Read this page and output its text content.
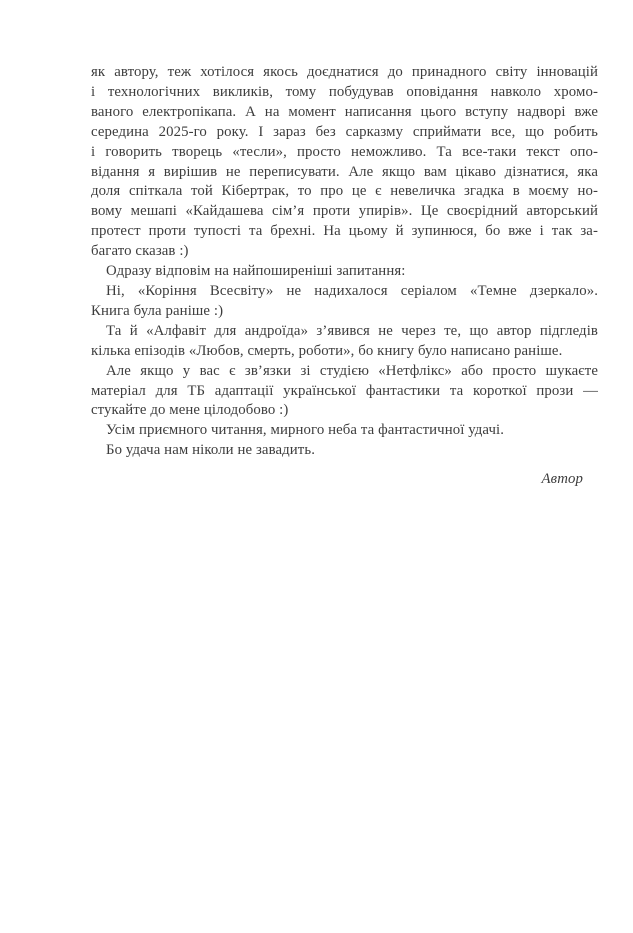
як автору, теж хотілося якось доєднатися до принадного світу інновацій
і технологічних викликів, тому побудував оповідання навколо хромо-
ваного електропікапа. А на момент написання цього вступу надворі вже
середина 2025-го року. І зараз без сарказму сприймати все, що робить
і говорить творець «тесли», просто неможливо. Та все-таки текст опо-
відання я вирішив не переписувати. Але якщо вам цікаво дізнатися, яка
доля спіткала той Кібертрак, то про це є невеличка згадка в моєму но-
вому мешапі «Кайдашева сім’я проти упирів». Це своєрідний авторський
протест проти тупості та брехні. На цьому й зупинюся, бо вже і так за-
багато сказав :)
Одразу відповім на найпоширеніші запитання:
Ні, «Коріння Всесвіту» не надихалося серіалом «Темне дзеркало».
Книга була раніше :)
Та й «Алфавіт для андроїда» з’явився не через те, що автор підгледів
кілька епізодів «Любов, смерть, роботи», бо книгу було написано раніше.
Але якщо у вас є зв’язки зі студією «Нетфлікс» або просто шукаєте
матеріал для ТБ адаптації української фантастики та короткої прози —
стукайте до мене цілодобово :)
Усім приємного читання, мирного неба та фантастичної удачі.
Бо удача нам ніколи не завадить.
Автор
